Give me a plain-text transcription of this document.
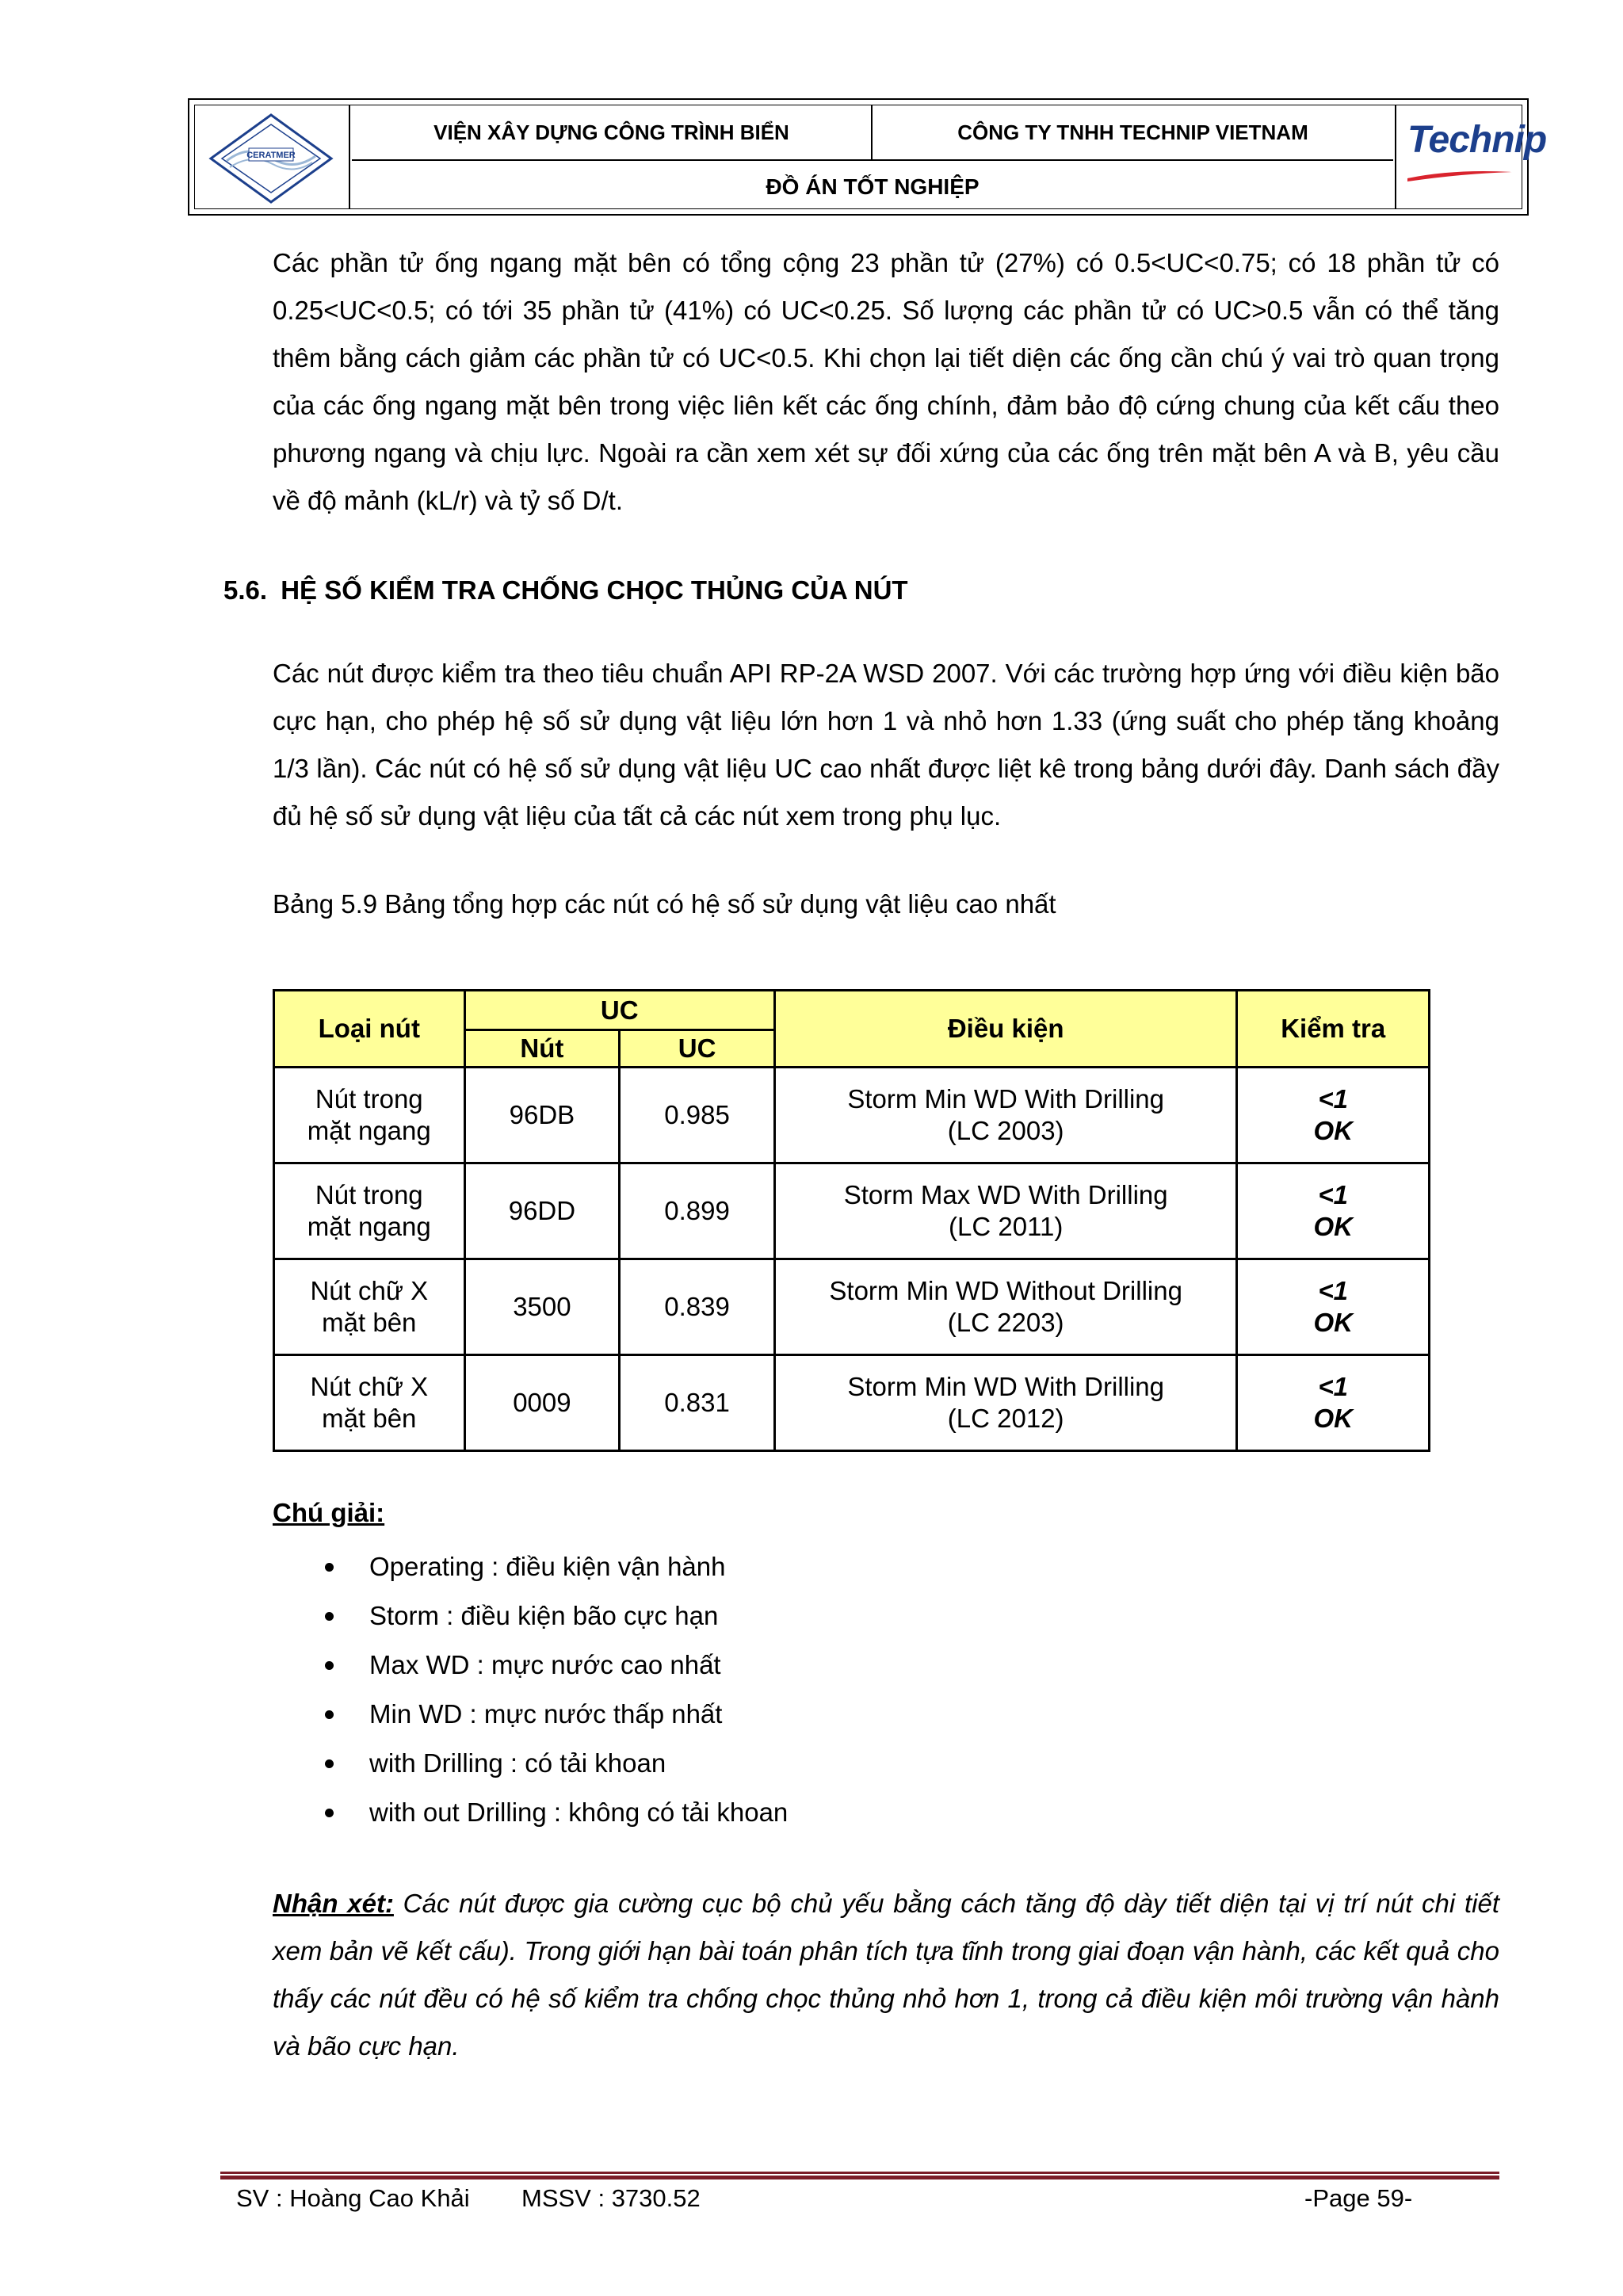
CERATMER
VIỆN XÂY DỰNG CÔNG TRÌNH BIỂN	CÔNG TY TNHH TECHNIP VIETNAM
ĐỒ ÁN TỐT NGHIỆP
Technip
Các phần tử ống ngang mặt bên có tổng cộng 23 phần tử (27%) có 0.5<UC<0.75; có 18 phần tử có 0.25<UC<0.5; có tới 35 phần tử (41%) có UC<0.25. Số lượng các phần tử có UC>0.5 vẫn có thể tăng thêm bằng cách giảm các phần tử có UC<0.5. Khi chọn lại tiết diện các ống cần chú ý vai trò quan trọng của các ống ngang mặt bên trong việc liên kết các ống chính, đảm bảo độ cứng chung của kết cấu theo phương ngang và chịu lực. Ngoài ra cần xem xét sự đối xứng của các ống trên mặt bên A và B, yêu cầu về độ mảnh (kL/r) và tỷ số D/t.
5.6. HỆ SỐ KIỂM TRA CHỐNG CHỌC THỦNG CỦA NÚT
Các nút được kiểm tra theo tiêu chuẩn API RP-2A WSD 2007. Với các trường hợp ứng với điều kiện bão cực hạn, cho phép hệ số sử dụng vật liệu lớn hơn 1 và nhỏ hơn 1.33 (ứng suất cho phép tăng khoảng 1/3 lần). Các nút có hệ số sử dụng vật liệu UC cao nhất được liệt kê trong bảng dưới đây. Danh sách đầy đủ hệ số sử dụng vật liệu của tất cả các nút xem trong phụ lục.
Bảng 5.9 Bảng tổng hợp các nút có hệ số sử dụng vật liệu cao nhất
Loại nút	UC		Điều kiện	Kiểm tra
	Nút	UC		
Nút trong
mặt ngang	96DB	0.985	Storm Min WD With Drilling
(LC 2003)	<1
OK
Nút trong
mặt ngang	96DD	0.899	Storm Max WD With Drilling
(LC 2011)	<1
OK
Nút chữ X
mặt bên	3500	0.839	Storm Min WD Without Drilling
(LC 2203)	<1
OK
Nút chữ X
mặt bên	0009	0.831	Storm Min WD With Drilling
(LC 2012)	<1
OK
Chú giải:
Operating : điều kiện vận hành
Storm : điều kiện bão cực hạn
Max WD : mực nước cao nhất
Min WD : mực nước thấp nhất
with Drilling : có tải khoan
with out Drilling : không có tải khoan
Nhận xét: Các nút được gia cường cục bộ chủ yếu bằng cách tăng độ dày tiết diện tại vị trí nút chi tiết xem bản vẽ kết cấu). Trong giới hạn bài toán phân tích tựa tĩnh trong giai đoạn vận hành, các kết quả cho thấy các nút đều có hệ số kiểm tra chống chọc thủng nhỏ hơn 1, trong cả điều kiện môi trường vận hành và bão cực hạn.
SV : Hoàng Cao Khải MSSV : 3730.52	-Page 59-
